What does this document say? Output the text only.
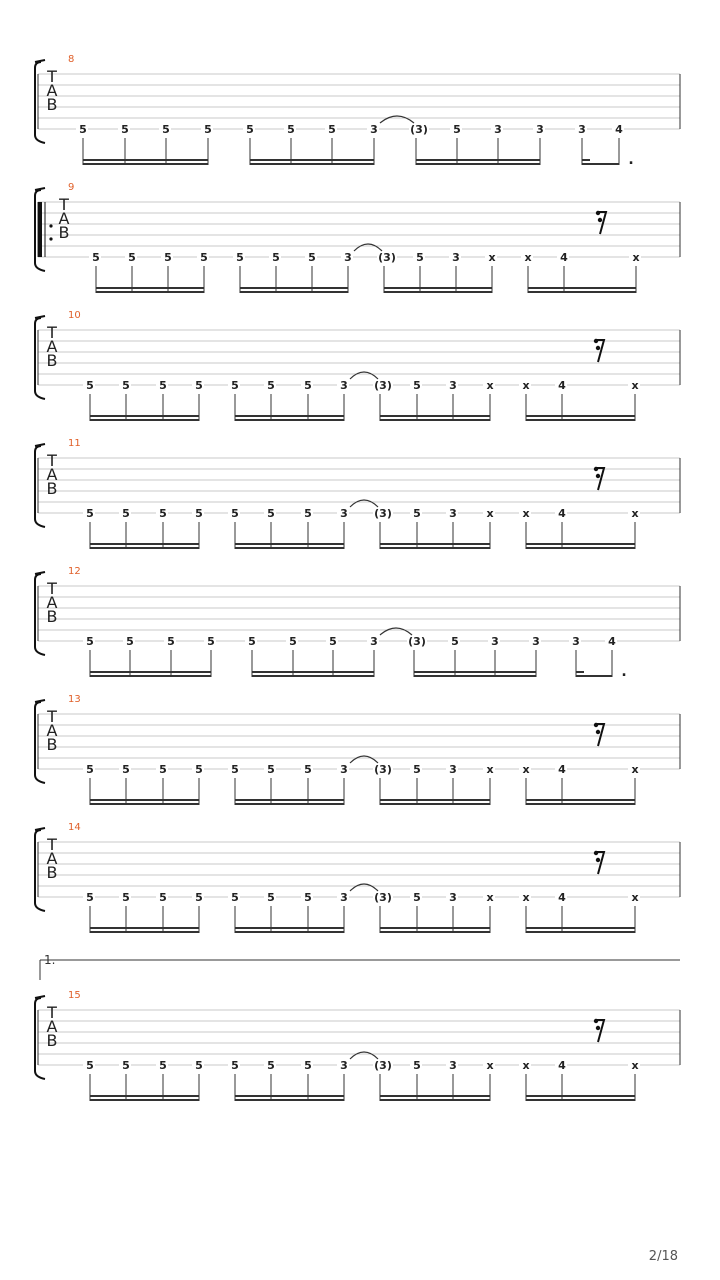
8
T
A
B
5	5	5	5	5	5	5	3	(3) 5	3	3	3	4
.
9
T
A
B
5	5	5	5	5	5	5	3 (3) 5	3	x	x	4	x
10
T
A
B
5	5	5	5	5	5	5	3 (3) 5	3	x	x	4	x
11
T
A
B
5	5	5	5	5	5	5	3 (3) 5	3	x	x	4	x
12
T
A
B
5	5	5	5	5	5	5	3	(3) 5	3	3	3	4
.
13
T
A
B
5	5	5	5	5	5	5	3 (3) 5	3	x	x	4	x
14
T
A
B
5	5	5	5	5	5	5	3 (3) 5	3	x	x	4	x
15
T
A
B
5	5	5	5	5	5	5	3 (3) 5	3	x	x	4	x
1.
2/18
